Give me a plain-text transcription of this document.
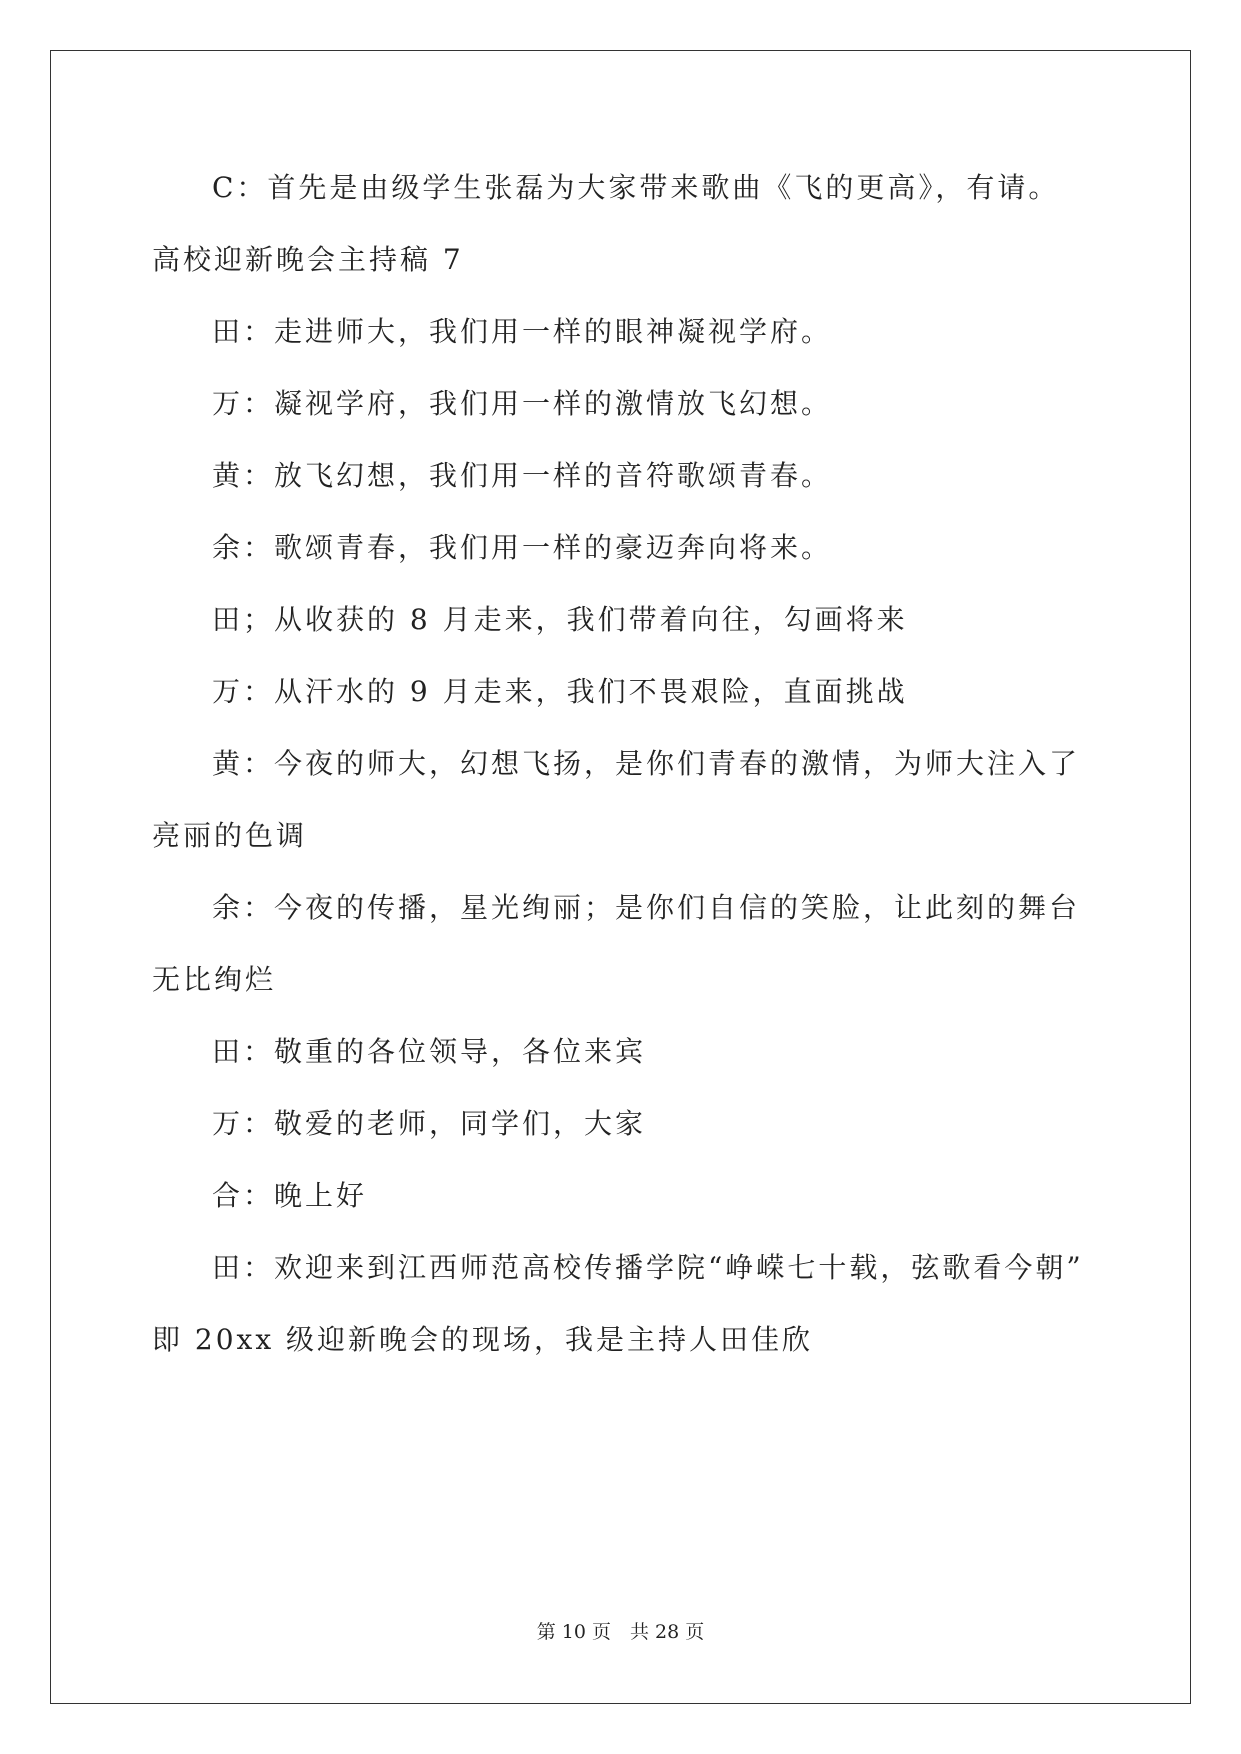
C：首先是由级学生张磊为大家带来歌曲《飞的更高》，有请。
高校迎新晚会主持稿 7
田：走进师大，我们用一样的眼神凝视学府。
万：凝视学府，我们用一样的激情放飞幻想。
黄：放飞幻想，我们用一样的音符歌颂青春。
余：歌颂青春，我们用一样的豪迈奔向将来。
田；从收获的 8 月走来，我们带着向往，勾画将来
万：从汗水的 9 月走来，我们不畏艰险，直面挑战
黄：今夜的师大，幻想飞扬，是你们青春的激情，为师大注入了
亮丽的色调
余：今夜的传播，星光绚丽；是你们自信的笑脸，让此刻的舞台
无比绚烂
田：敬重的各位领导，各位来宾
万：敬爱的老师，同学们，大家
合：晚上好
田：欢迎来到江西师范高校传播学院“峥嵘七十载，弦歌看今朝”
即 20xx 级迎新晚会的现场，我是主持人田佳欣
第 10 页　共 28 页
